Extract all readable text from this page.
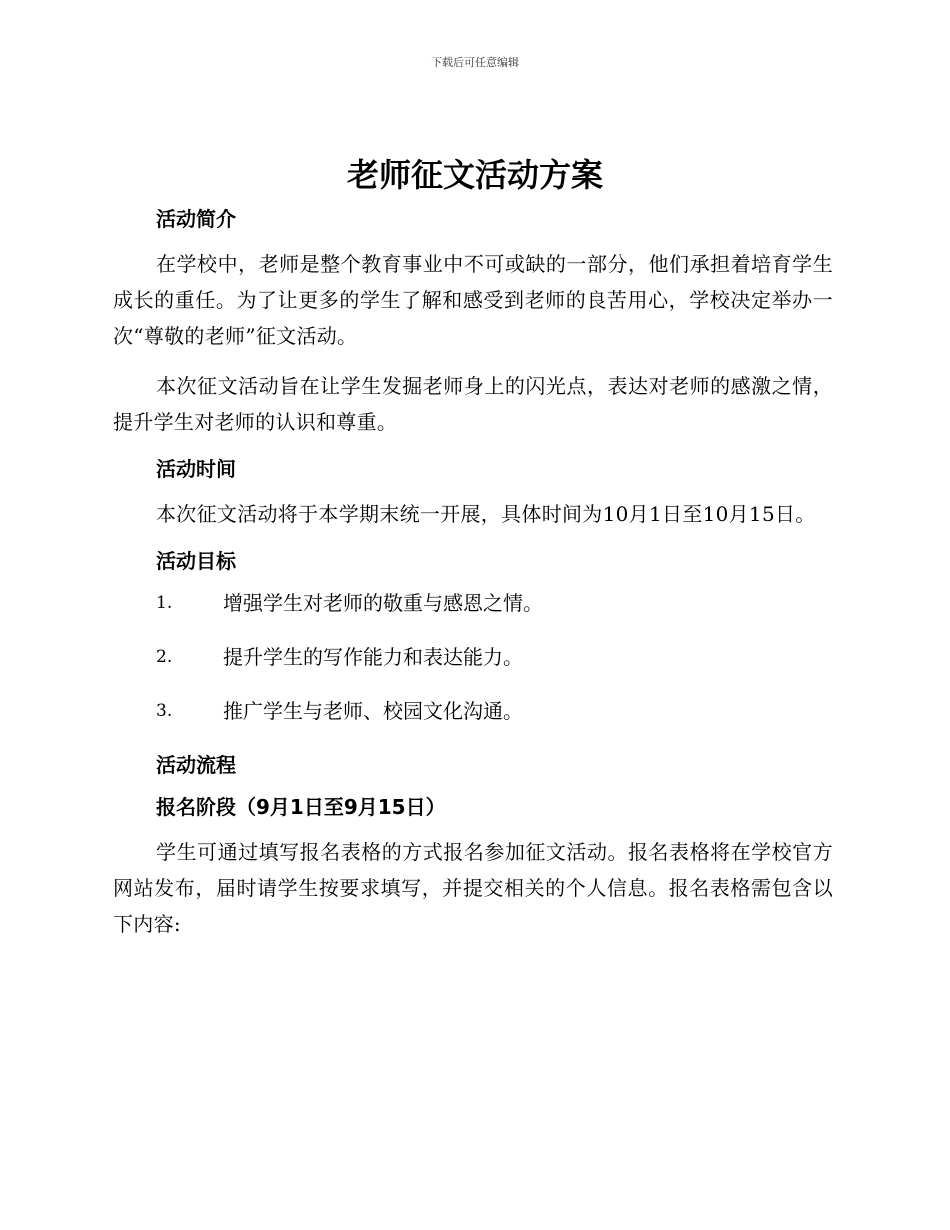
下载后可任意编辑
老师征文活动方案
活动简介

在学校中，老师是整个教育事业中不可或缺的一部分，他们承担着培育学生成长的重任。为了让更多的学生了解和感受到老师的良苦用心，学校决定举办一次“尊敬的老师”征文活动。

本次征文活动旨在让学生发掘老师身上的闪光点，表达对老师的感激之情，提升学生对老师的认识和尊重。

活动时间

本次征文活动将于本学期末统一开展，具体时间为10月1日至10月15日。

活动目标
1.	增强学生对老师的敬重与感恩之情。
2.	提升学生的写作能力和表达能力。
3.	推广学生与老师、校园文化沟通。
活动流程
报名阶段（9月1日至9月15日）

学生可通过填写报名表格的方式报名参加征文活动。报名表格将在学校官方网站发布，届时请学生按要求填写，并提交相关的个人信息。报名表格需包含以下内容:
